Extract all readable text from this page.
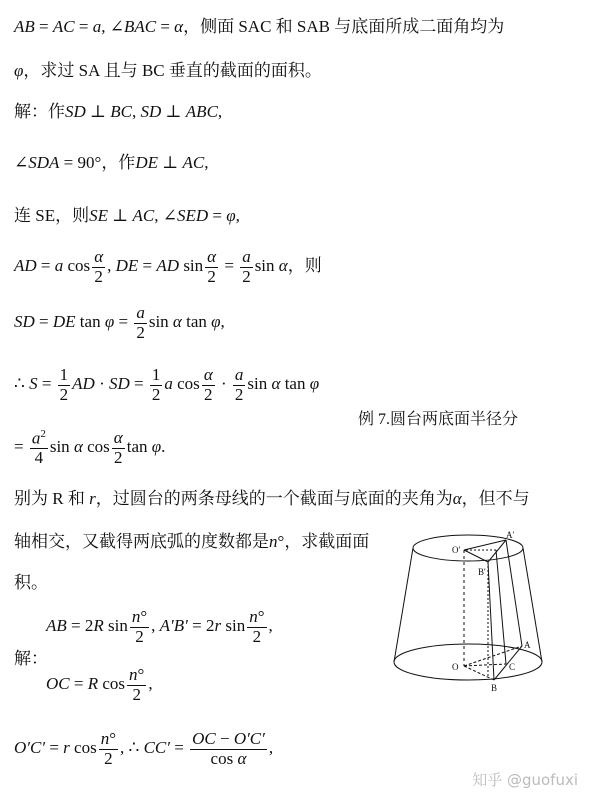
AB = AC = a, ∠BAC = α，侧面 SAC 和 SAB 与底面所成二面角均为
φ，求过 SA 且与 BC 垂直的截面的面积。
解：作SD ⊥ BC, SD ⊥ ABC,
∠SDA = 90°，作DE ⊥ AC,
连 SE，则SE ⊥ AC, ∠SED = φ,
AD = a $\cos \frac{\alpha}{2}$ , DE = AD $\sin \frac{\alpha}{2} = \frac{a}{2}$ sin α，则
SD = DE $\tan \varphi = \frac{a}{2}$ sin α tan φ,
∴ $S = \frac{1}{2}$ AD · SD = $\frac{1}{2}$ a $\cos \frac{\alpha}{2} \cdot \frac{a}{2}$ sin α tan φ
例 7.圆台两底面半径分
= $\frac{a^2}{4}$ sin α $\cos \frac{\alpha}{2}$ tan φ.
别为 R 和 r，过圆台的两条母线的一个截面与底面的夹角为α，但不与
轴相交，又截得两底弧的度数都是n°，求截面面
积。
解：
AB = 2R $\sin \frac{n^\circ}{2}$ , A′B′ = 2r $\sin \frac{n^\circ}{2}$ ,
OC = R $\cos \frac{n^\circ}{2}$ ,
O′C′ = r $\cos \frac{n^\circ}{2}$ , ∴ $CC' = \frac{OC - O'C'}{\text{cos α}}$ ,
O'
A'
B'
O
A
B
C
知乎 @guofuxi
